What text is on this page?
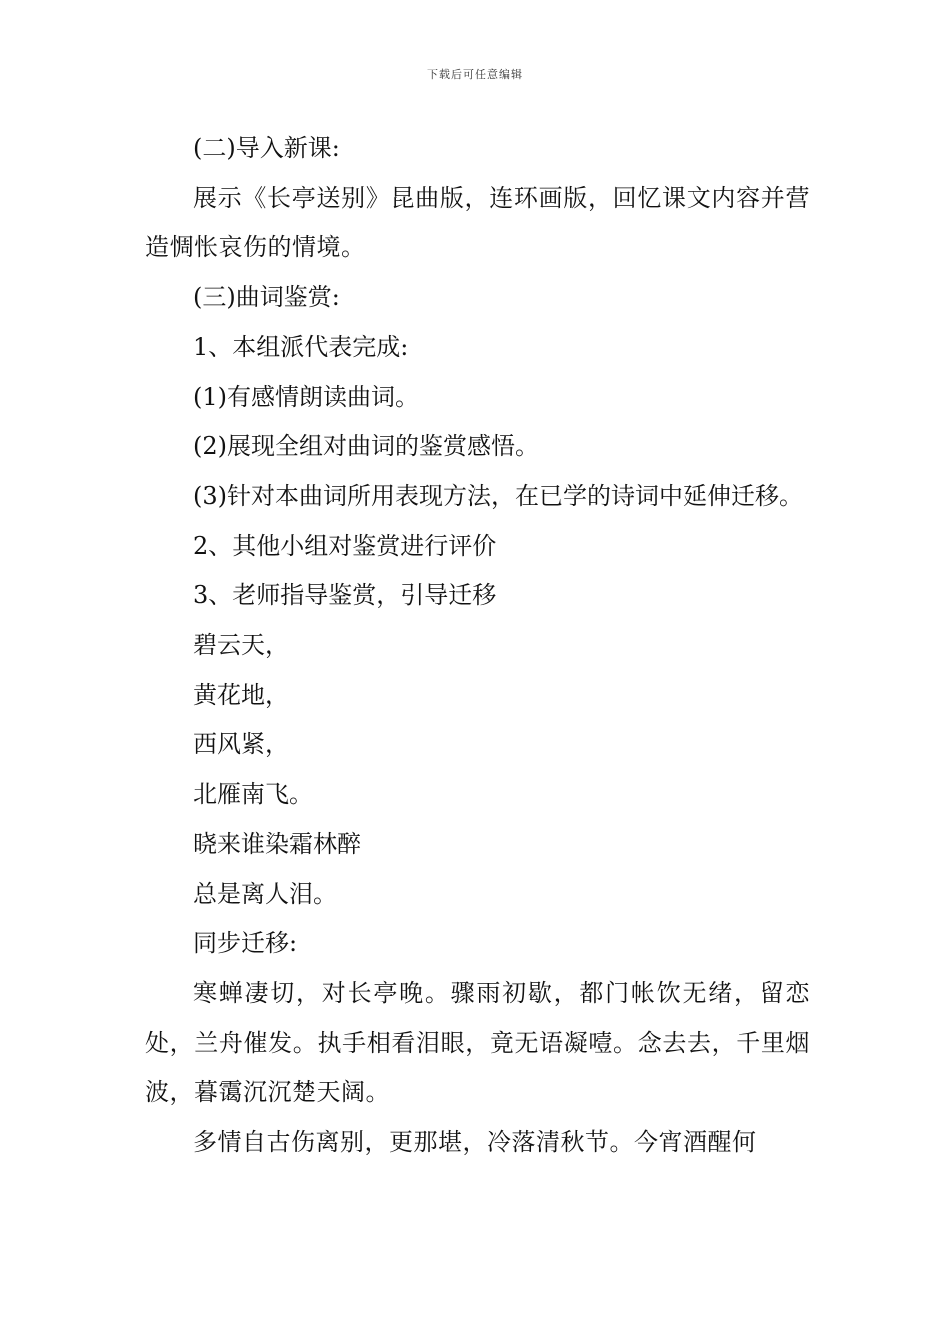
下载后可任意编辑

(二)导入新课:

展示《长亭送别》昆曲版，连环画版，回忆课文内容并营造惆怅哀伤的情境。

(三)曲词鉴赏:

1、本组派代表完成:

(1)有感情朗读曲词。

(2)展现全组对曲词的鉴赏感悟。

(3)针对本曲词所用表现方法，在已学的诗词中延伸迁移。

2、其他小组对鉴赏进行评价

3、老师指导鉴赏，引导迁移

碧云天，

黄花地，

西风紧，

北雁南飞。

晓来谁染霜林醉

总是离人泪。

同步迁移:

寒蝉凄切，对长亭晚。骤雨初歇，都门帐饮无绪，留恋处，兰舟催发。执手相看泪眼，竟无语凝噎。念去去，千里烟波，暮霭沉沉楚天阔。

多情自古伤离别，更那堪，冷落清秋节。今宵酒醒何
